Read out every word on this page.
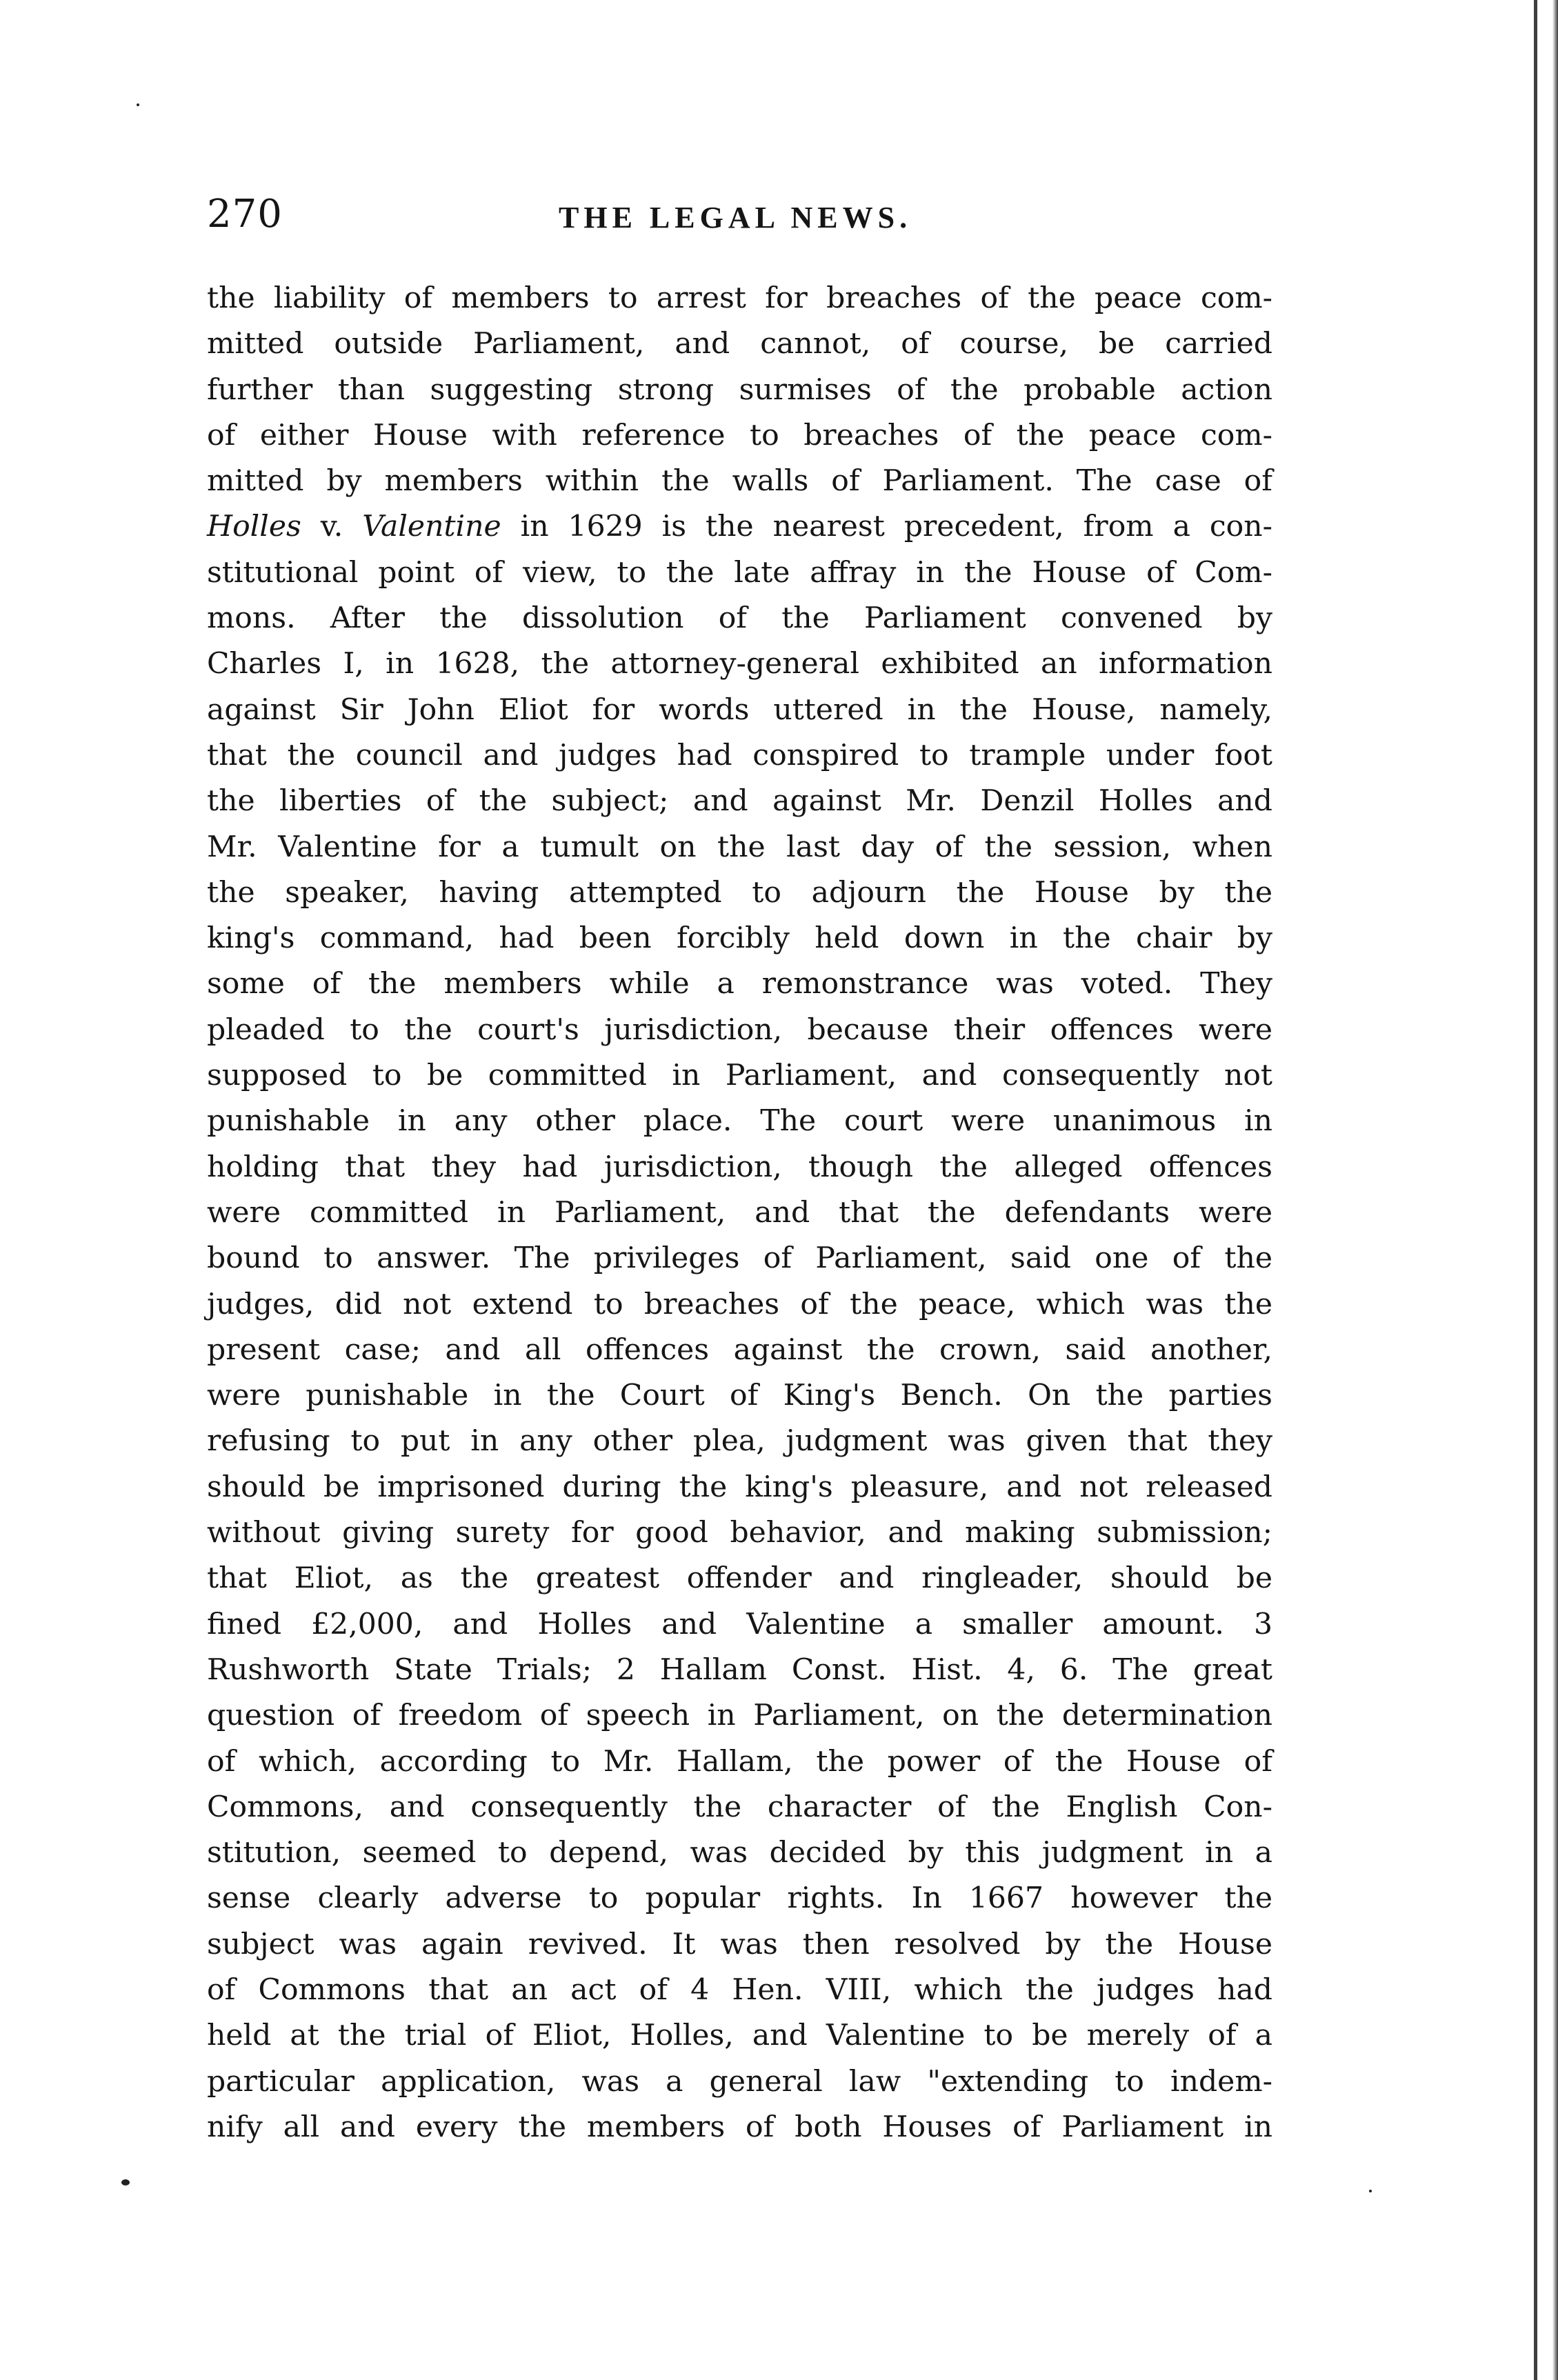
270	THE LEGAL NEWS.
the liability of members to arrest for breaches of the peace com-
mitted outside Parliament, and cannot, of course, be carried
further than suggesting strong surmises of the probable action
of either House with reference to breaches of the peace com-
mitted by members within the walls of Parliament. The case of
Holles v. Valentine in 1629 is the nearest precedent, from a con-
stitutional point of view, to the late affray in the House of Com-
mons. After the dissolution of the Parliament convened by
Charles I, in 1628, the attorney-general exhibited an information
against Sir John Eliot for words uttered in the House, namely,
that the council and judges had conspired to trample under foot
the liberties of the subject; and against Mr. Denzil Holles and
Mr. Valentine for a tumult on the last day of the session, when
the speaker, having attempted to adjourn the House by the
king's command, had been forcibly held down in the chair by
some of the members while a remonstrance was voted. They
pleaded to the court's jurisdiction, because their offences were
supposed to be committed in Parliament, and consequently not
punishable in any other place. The court were unanimous in
holding that they had jurisdiction, though the alleged offences
were committed in Parliament, and that the defendants were
bound to answer. The privileges of Parliament, said one of the
judges, did not extend to breaches of the peace, which was the
present case; and all offences against the crown, said another,
were punishable in the Court of King's Bench. On the parties
refusing to put in any other plea, judgment was given that they
should be imprisoned during the king's pleasure, and not released
without giving surety for good behavior, and making submission;
that Eliot, as the greatest offender and ringleader, should be
fined £2,000, and Holles and Valentine a smaller amount. 3
Rushworth State Trials; 2 Hallam Const. Hist. 4, 6. The great
question of freedom of speech in Parliament, on the determination
of which, according to Mr. Hallam, the power of the House of
Commons, and consequently the character of the English Con-
stitution, seemed to depend, was decided by this judgment in a
sense clearly adverse to popular rights. In 1667 however the
subject was again revived. It was then resolved by the House
of Commons that an act of 4 Hen. VIII, which the judges had
held at the trial of Eliot, Holles, and Valentine to be merely of a
particular application, was a general law "extending to indem-
nify all and every the members of both Houses of Parliament in
